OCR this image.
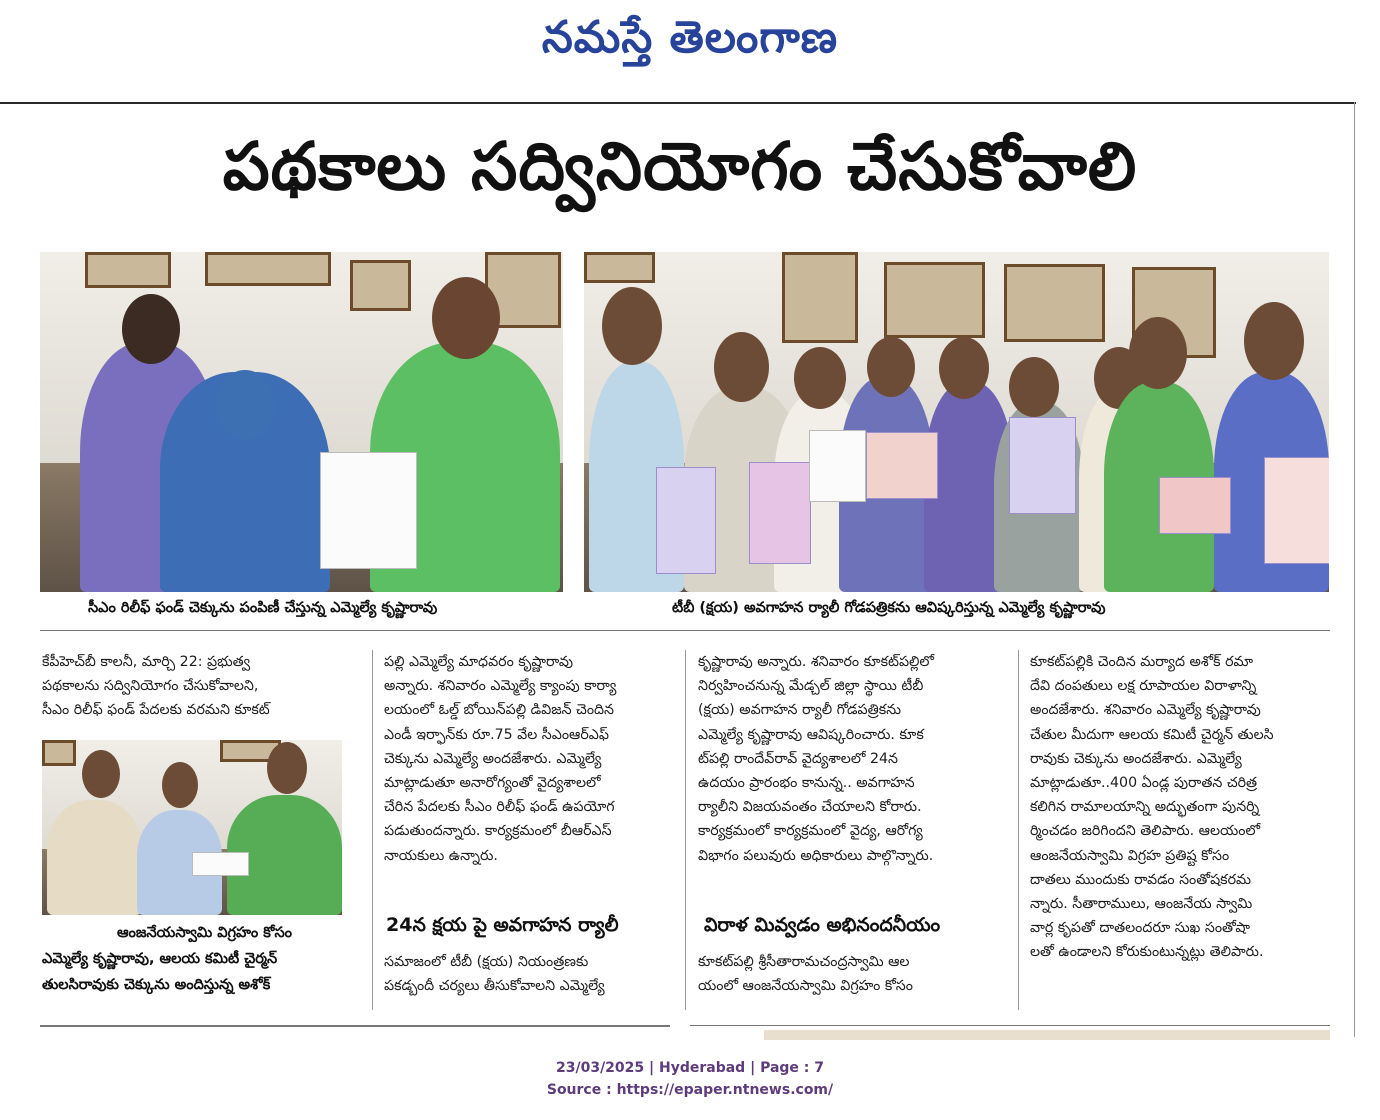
నమస్తే తెలంగాణ
పథకాలు సద్వినియోగం చేసుకోవాలి
సీఎం రిలీఫ్ ఫండ్ చెక్కును పంపిణీ చేస్తున్న ఎమ్మెల్యే కృష్ణారావు	టీబీ (క్షయ) అవగాహన ర్యాలీ గోడపత్రికను ఆవిష్కరిస్తున్న ఎమ్మెల్యే కృష్ణారావు

కేపీహెచ్‌బీ కాలనీ, మార్చి 22: ప్రభుత్వ

పథకాలను సద్వినియోగం చేసుకోవాలని,

సీఎం రిలీఫ్ ఫండ్ పేదలకు వరమని కూకట్

ఆంజనేయస్వామి విగ్రహం కోసం
ఎమ్మెల్యే కృష్ణారావు, ఆలయ కమిటీ చైర్మన్
తులసిరావుకు చెక్కును అందిస్తున్న అశోక్

పల్లి ఎమ్మెల్యే మాధవరం కృష్ణారావు

అన్నారు. శనివారం ఎమ్మెల్యే క్యాంపు కార్యా

లయంలో ఓల్డ్ బోయిన్‌పల్లి డివిజన్ చెందిన

ఎండీ ఇర్ఫాన్‌కు రూ.75 వేల సీఎంఆర్‌ఎఫ్

చెక్కును ఎమ్మెల్యే అందజేశారు. ఎమ్మెల్యే

మాట్లాడుతూ అనారోగ్యంతో వైద్యశాలలో

చేరిన పేదలకు సీఎం రిలీఫ్ ఫండ్ ఉపయోగ

పడుతుందన్నారు. కార్యక్రమంలో బీఆర్‌ఎస్

నాయకులు ఉన్నారు.

24న క్షయ పై అవగాహన ర్యాలీ

సమాజంలో టీబీ (క్షయ) నియంత్రణకు

పకడ్బందీ చర్యలు తీసుకోవాలని ఎమ్మెల్యే

కృష్ణారావు అన్నారు. శనివారం కూకట్‌పల్లిలో

నిర్వహించనున్న మేడ్చల్ జిల్లా స్థాయి టీబీ

(క్షయ) అవగాహన ర్యాలీ గోడపత్రికను

ఎమ్మెల్యే కృష్ణారావు ఆవిష్కరించారు. కూక

ట్‌పల్లి రాందేవ్‌రావ్ వైద్యశాలలో 24న

ఉదయం ప్రారంభం కానున్న.. అవగాహన

ర్యాలీని విజయవంతం చేయాలని కోరారు.

కార్యక్రమంలో కార్యక్రమంలో వైద్య, ఆరోగ్య

విభాగం పలువురు అధికారులు పాల్గొన్నారు.

విరాళ మివ్వడం అభినందనీయం

కూకట్‌పల్లి శ్రీసీతారామచంద్రస్వామి ఆల

యంలో ఆంజనేయస్వామి విగ్రహం కోసం

కూకట్‌పల్లికి చెందిన మర్యాద అశోక్ రమా

దేవి దంపతులు లక్ష రూపాయల విరాళాన్ని

అందజేశారు. శనివారం ఎమ్మెల్యే కృష్ణారావు

చేతుల మీదుగా ఆలయ కమిటీ చైర్మన్ తులసి

రావుకు చెక్కును అందజేశారు. ఎమ్మెల్యే

మాట్లాడుతూ..400 ఏండ్ల పురాతన చరిత్ర

కలిగిన రామాలయాన్ని అద్భుతంగా పునర్ని

ర్మించడం జరిగిందని తెలిపారు. ఆలయంలో

ఆంజనేయస్వామి విగ్రహ ప్రతిష్ట కోసం

దాతలు ముందుకు రావడం సంతోషకరమ

న్నారు. సీతారాములు, ఆంజనేయ స్వామి

వార్ల కృపతో దాతలందరూ సుఖ సంతోషా

లతో ఉండాలని కోరుకుంటున్నట్లు తెలిపారు.

23/03/2025 | Hyderabad | Page : 7
Source : https://epaper.ntnews.com/
